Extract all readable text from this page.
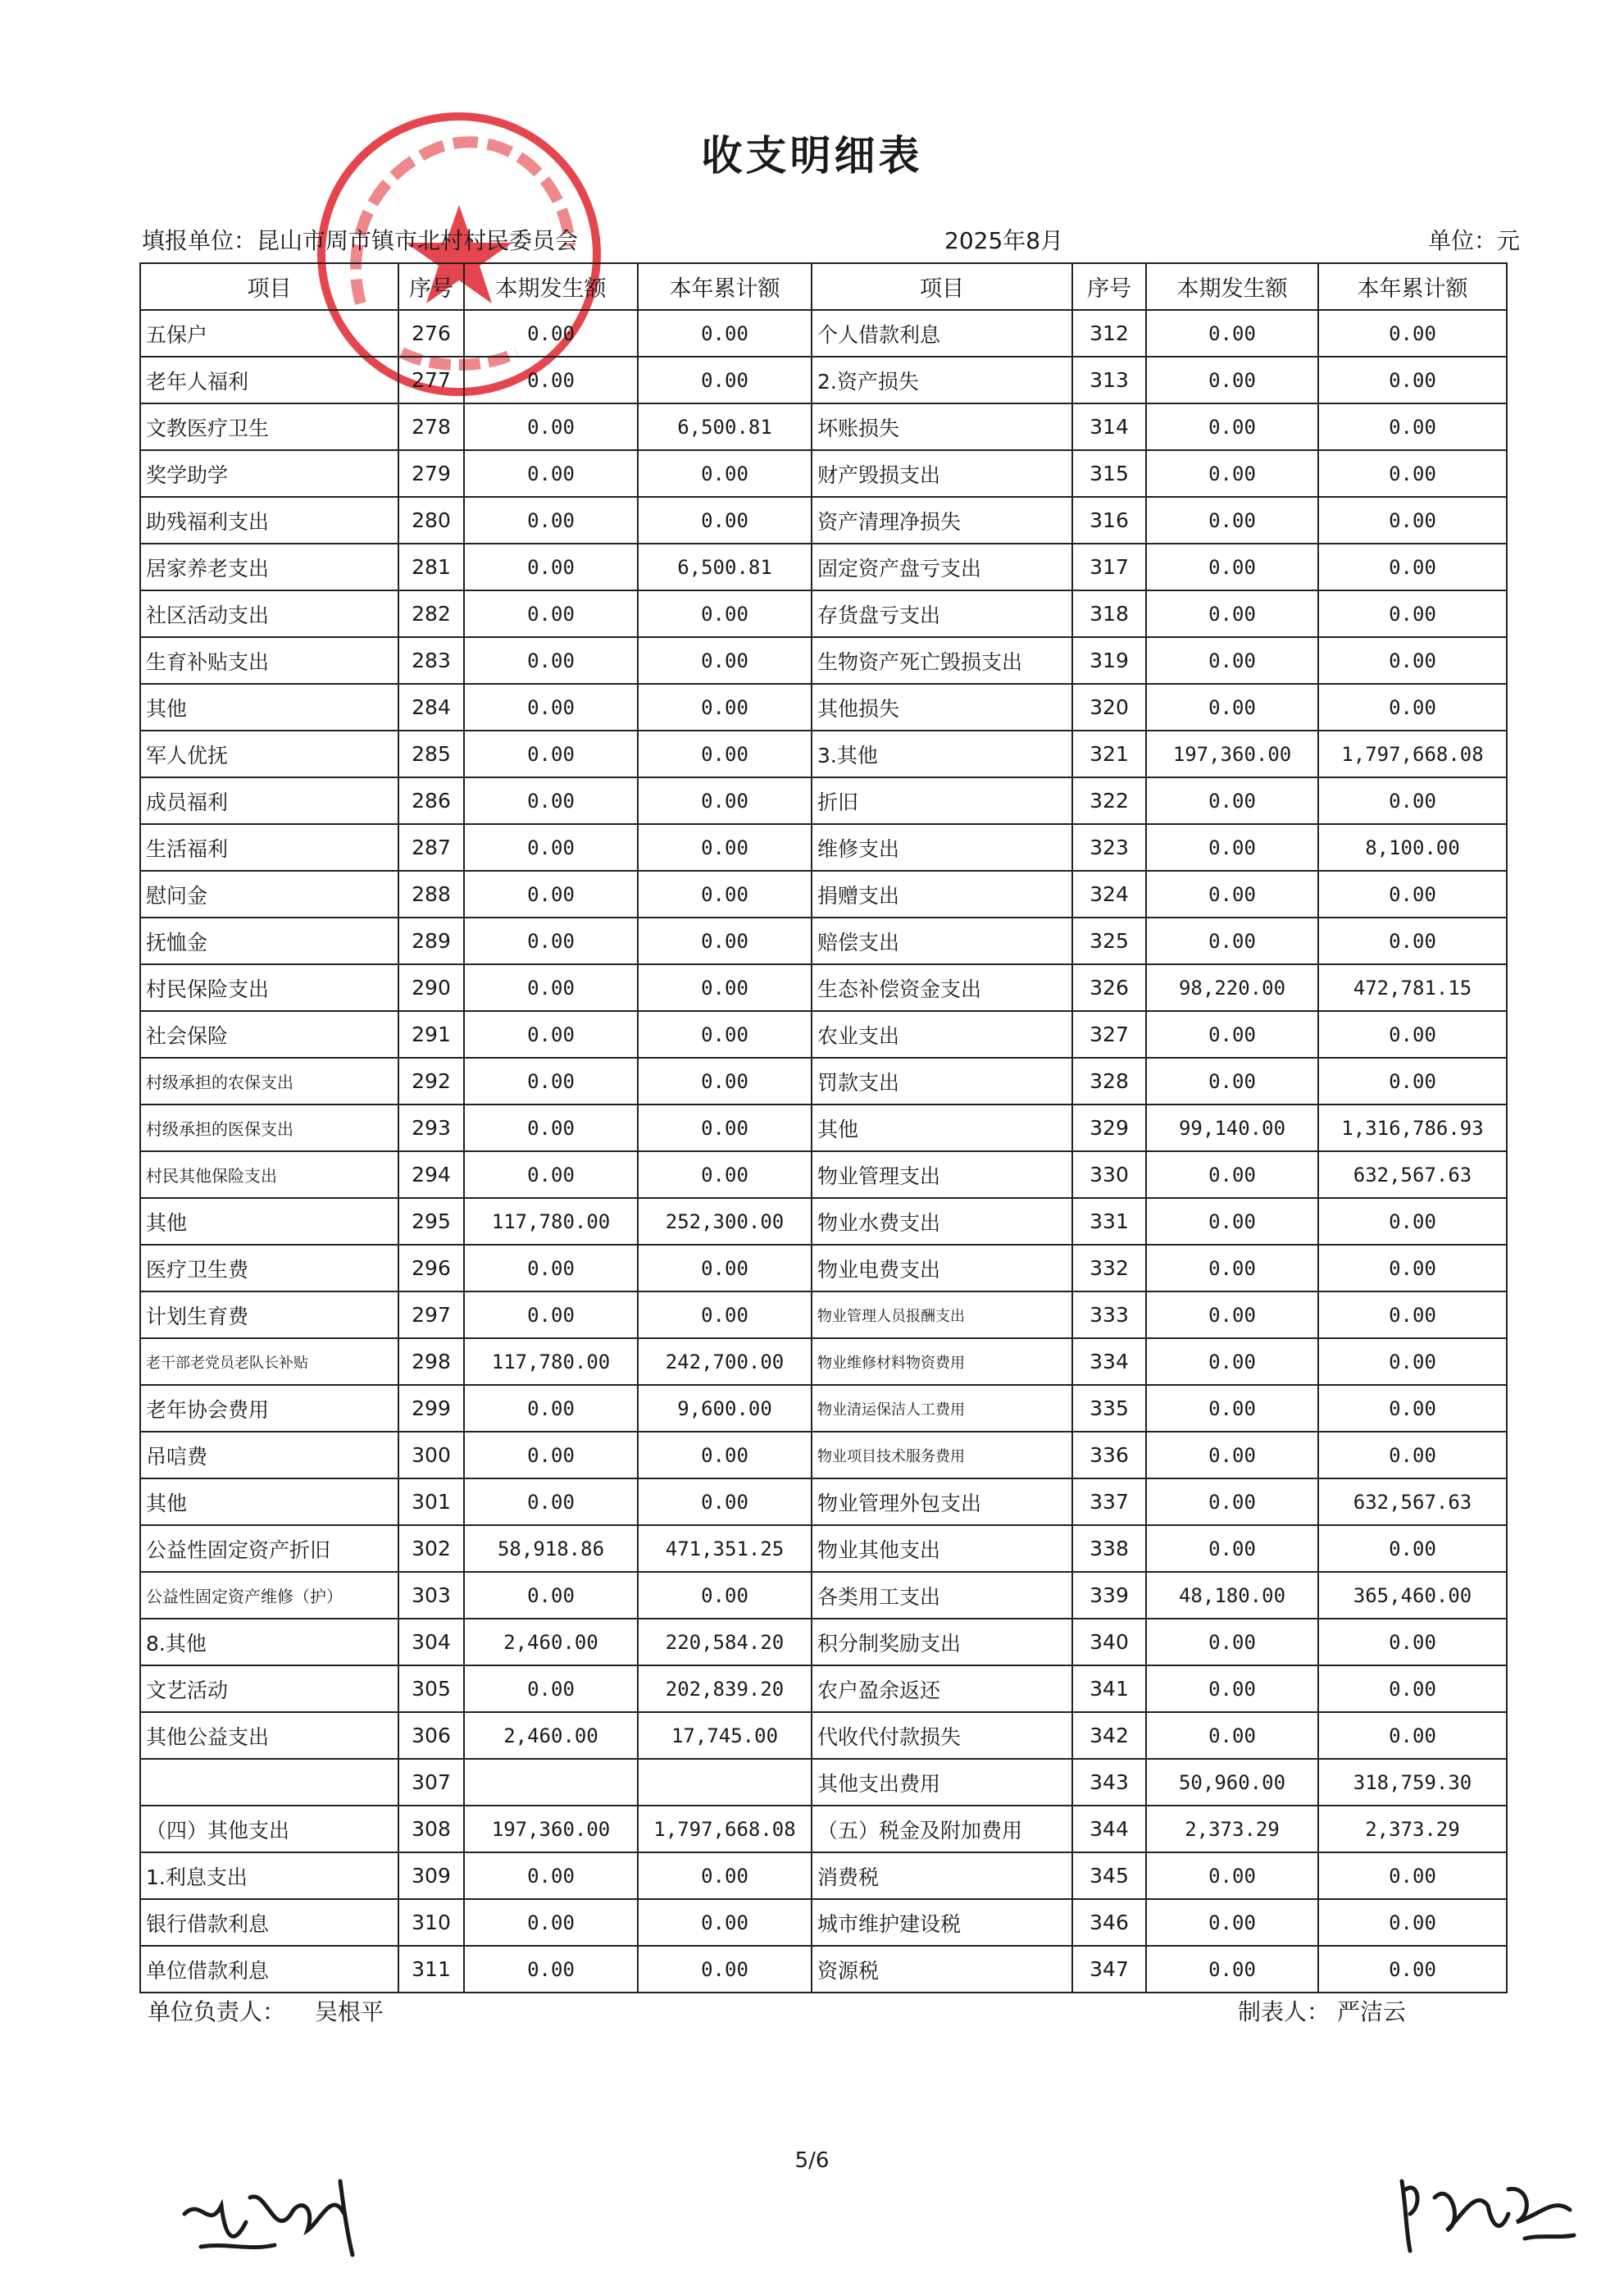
收支明细表
填报单位：昆山市周市镇市北村村民委员会	2025年8月	单位：元
项目	序号	本期发生额	本年累计额	项目	序号	本期发生额	本年累计额
五保户	276	0.00	0.00	个人借款利息	312	0.00	0.00
老年人福利	277	0.00	0.00	2.资产损失	313	0.00	0.00
文教医疗卫生	278	0.00	6,500.81	坏账损失	314	0.00	0.00
奖学助学	279	0.00	0.00	财产毁损支出	315	0.00	0.00
助残福利支出	280	0.00	0.00	资产清理净损失	316	0.00	0.00
居家养老支出	281	0.00	6,500.81	固定资产盘亏支出	317	0.00	0.00
社区活动支出	282	0.00	0.00	存货盘亏支出	318	0.00	0.00
生育补贴支出	283	0.00	0.00	生物资产死亡毁损支出	319	0.00	0.00
其他	284	0.00	0.00	其他损失	320	0.00	0.00
军人优抚	285	0.00	0.00	3.其他	321	197,360.00	1,797,668.08
成员福利	286	0.00	0.00	折旧	322	0.00	0.00
生活福利	287	0.00	0.00	维修支出	323	0.00	8,100.00
慰问金	288	0.00	0.00	捐赠支出	324	0.00	0.00
抚恤金	289	0.00	0.00	赔偿支出	325	0.00	0.00
村民保险支出	290	0.00	0.00	生态补偿资金支出	326	98,220.00	472,781.15
社会保险	291	0.00	0.00	农业支出	327	0.00	0.00
村级承担的农保支出	292	0.00	0.00	罚款支出	328	0.00	0.00
村级承担的医保支出	293	0.00	0.00	其他	329	99,140.00	1,316,786.93
村民其他保险支出	294	0.00	0.00	物业管理支出	330	0.00	632,567.63
其他	295	117,780.00	252,300.00	物业水费支出	331	0.00	0.00
医疗卫生费	296	0.00	0.00	物业电费支出	332	0.00	0.00
计划生育费	297	0.00	0.00	物业管理人员报酬支出	333	0.00	0.00
老干部老党员老队长补贴	298	117,780.00	242,700.00	物业维修材料物资费用	334	0.00	0.00
老年协会费用	299	0.00	9,600.00	物业清运保洁人工费用	335	0.00	0.00
吊唁费	300	0.00	0.00	物业项目技术服务费用	336	0.00	0.00
其他	301	0.00	0.00	物业管理外包支出	337	0.00	632,567.63
公益性固定资产折旧	302	58,918.86	471,351.25	物业其他支出	338	0.00	0.00
公益性固定资产维修（护）	303	0.00	0.00	各类用工支出	339	48,180.00	365,460.00
8.其他	304	2,460.00	220,584.20	积分制奖励支出	340	0.00	0.00
文艺活动	305	0.00	202,839.20	农户盈余返还	341	0.00	0.00
其他公益支出	306	2,460.00	17,745.00	代收代付款损失	342	0.00	0.00
	307			其他支出费用	343	50,960.00	318,759.30
（四）其他支出	308	197,360.00	1,797,668.08	（五）税金及附加费用	344	2,373.29	2,373.29
1.利息支出	309	0.00	0.00	消费税	345	0.00	0.00
银行借款利息	310	0.00	0.00	城市维护建设税	346	0.00	0.00
单位借款利息	311	0.00	0.00	资源税	347	0.00	0.00
单位负责人： 吴根平	制表人： 严洁云
5/6
